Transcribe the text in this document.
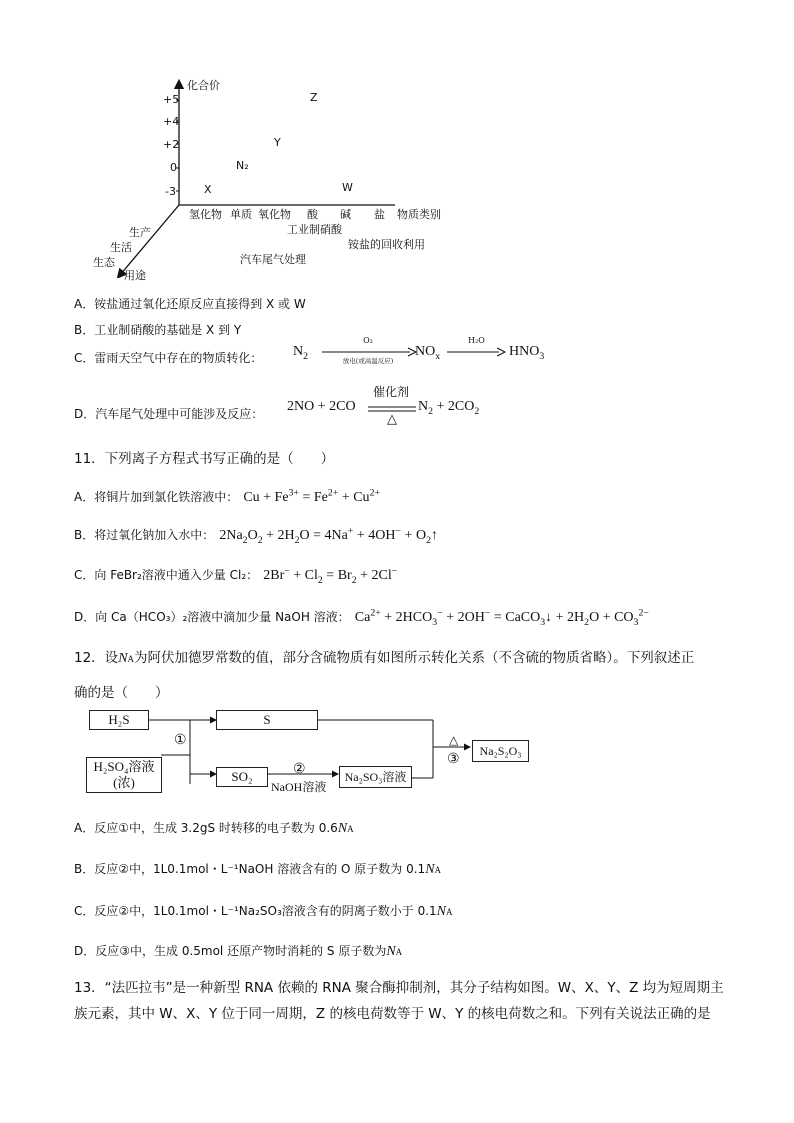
化合价
+5
+4
+2
0
-3
Z
Y
N₂
X	W
氢化物 单质 氧化物 酸 碱 盐 物质类别
工业制硝酸
铵盐的回收利用
汽车尾气处理
生产
生活
生态
用途
A．铵盐通过氧化还原反应直接得到 X 或 W
B．工业制硝酸的基础是 X 到 Y
C．雷雨天空气中存在的物质转化： $N_2$
O₂
放电(或高温反应)
$NO_x$
H₂O
$HNO_3$
D．汽车尾气处理中可能涉及反应： 2NO + 2CO
催化剂
△
$N_2 + 2CO_2$
11．下列离子方程式书写正确的是（　　）
A．将铜片加到氯化铁溶液中： $Cu + Fe^{3+} = Fe^{2+} + Cu^{2+}$
B．将过氧化钠加入水中： $2Na_2O_2 + 2H_2O = 4Na^+ + 4OH^-$ + $O_2↑$
C．向 FeBr₂溶液中通入少量 Cl₂： $2Br^- + Cl_2 = Br_2 + 2Cl^-$
D．向 Ca（HCO₃）₂溶液中滴加少量 NaOH 溶液： $Ca^{2+} + 2HCO_3^- + 2OH^-$ = CaCO$_3$↓ + $2H_2O + CO_3^{2-}$
12．设NA为阿伏加德罗常数的值，部分含硫物质有如图所示转化关系（不含硫的物质省略）。下列叙述正
确的是（　　）
H₂S
H₂SO₄溶液
(浓)
①
S
SO₂	②
NaOH溶液
Na₂SO₃溶液
△
③	Na₂S₂O₃
A．反应①中，生成 3.2gS 时转移的电子数为 0.6NA
B．反应②中，1L0.1mol・L⁻¹NaOH 溶液含有的 O 原子数为 0.1NA
C．反应②中，1L0.1mol・L⁻¹Na₂SO₃溶液含有的阴离子数小于 0.1NA
D．反应③中，生成 0.5mol 还原产物时消耗的 S 原子数为NA
13．“法匹拉韦”是一种新型 RNA 依赖的 RNA 聚合酶抑制剂，其分子结构如图。W、X、Y、Z 均为短周期主
族元素，其中 W、X、Y 位于同一周期，Z 的核电荷数等于 W、Y 的核电荷数之和。下列有关说法正确的是
